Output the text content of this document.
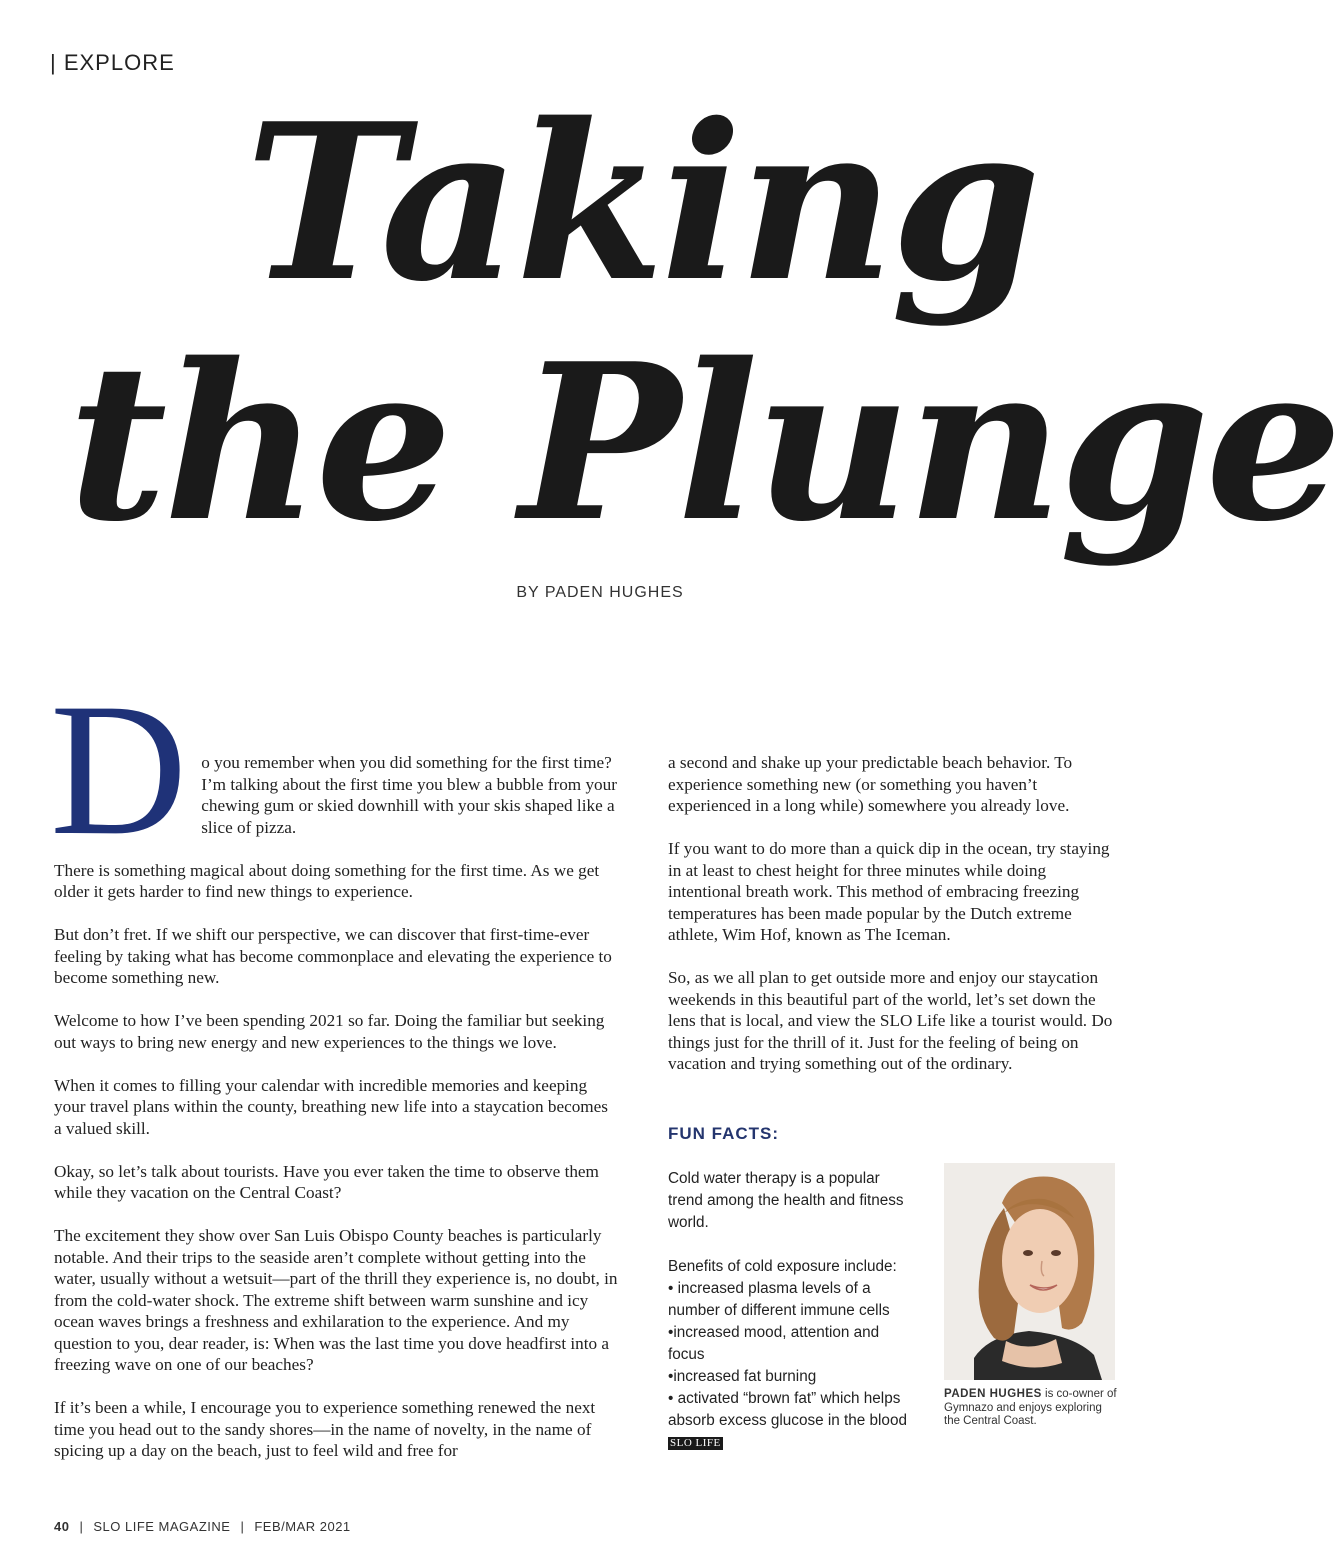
| EXPLORE
Taking
the Plunge
BY PADEN HUGHES

Do you remember when you did something for the first time? I’m talking about the first time you blew a bubble from your chewing gum or skied downhill with your skis shaped like a slice of pizza.

There is something magical about doing something for the first time. As we get older it gets harder to find new things to experience.

But don’t fret. If we shift our perspective, we can discover that first-time-ever feeling by taking what has become commonplace and elevating the experience to become something new.

Welcome to how I’ve been spending 2021 so far. Doing the familiar but seeking out ways to bring new energy and new experiences to the things we love.

When it comes to filling your calendar with incredible memories and keeping your travel plans within the county, breathing new life into a staycation becomes a valued skill.

Okay, so let’s talk about tourists. Have you ever taken the time to observe them while they vacation on the Central Coast?

The excitement they show over San Luis Obispo County beaches is particularly notable. And their trips to the seaside aren’t complete without getting into the water, usually without a wetsuit—part of the thrill they experience is, no doubt, in from the cold-water shock. The extreme shift between warm sunshine and icy ocean waves brings a freshness and exhilaration to the experience. And my question to you, dear reader, is: When was the last time you dove headfirst into a freezing wave on one of our beaches?

If it’s been a while, I encourage you to experience something renewed the next time you head out to the sandy shores—in the name of novelty, in the name of spicing up a day on the beach, just to feel wild and free for

a second and shake up your predictable beach behavior. To experience something new (or something you haven’t experienced in a long while) somewhere you already love.

If you want to do more than a quick dip in the ocean, try staying in at least to chest height for three minutes while doing intentional breath work. This method of embracing freezing temperatures has been made popular by the Dutch extreme athlete, Wim Hof, known as The Iceman.

So, as we all plan to get outside more and enjoy our staycation weekends in this beautiful part of the world, let’s set down the lens that is local, and view the SLO Life like a tourist would. Do things just for the thrill of it. Just for the feeling of being on vacation and trying something out of the ordinary.

FUN FACTS:

Cold water therapy is a popular trend among the health and fitness world.

Benefits of cold exposure include:
• increased plasma levels of a number of different immune cells
•increased mood, attention and focus
•increased fat burning
• activated “brown fat” which helps absorb excess glucose in the blood SLO LIFE
PADEN HUGHES is co-owner of Gymnazo and enjoys exploring the Central Coast.
40 | SLO LIFE MAGAZINE | FEB/MAR 2021
